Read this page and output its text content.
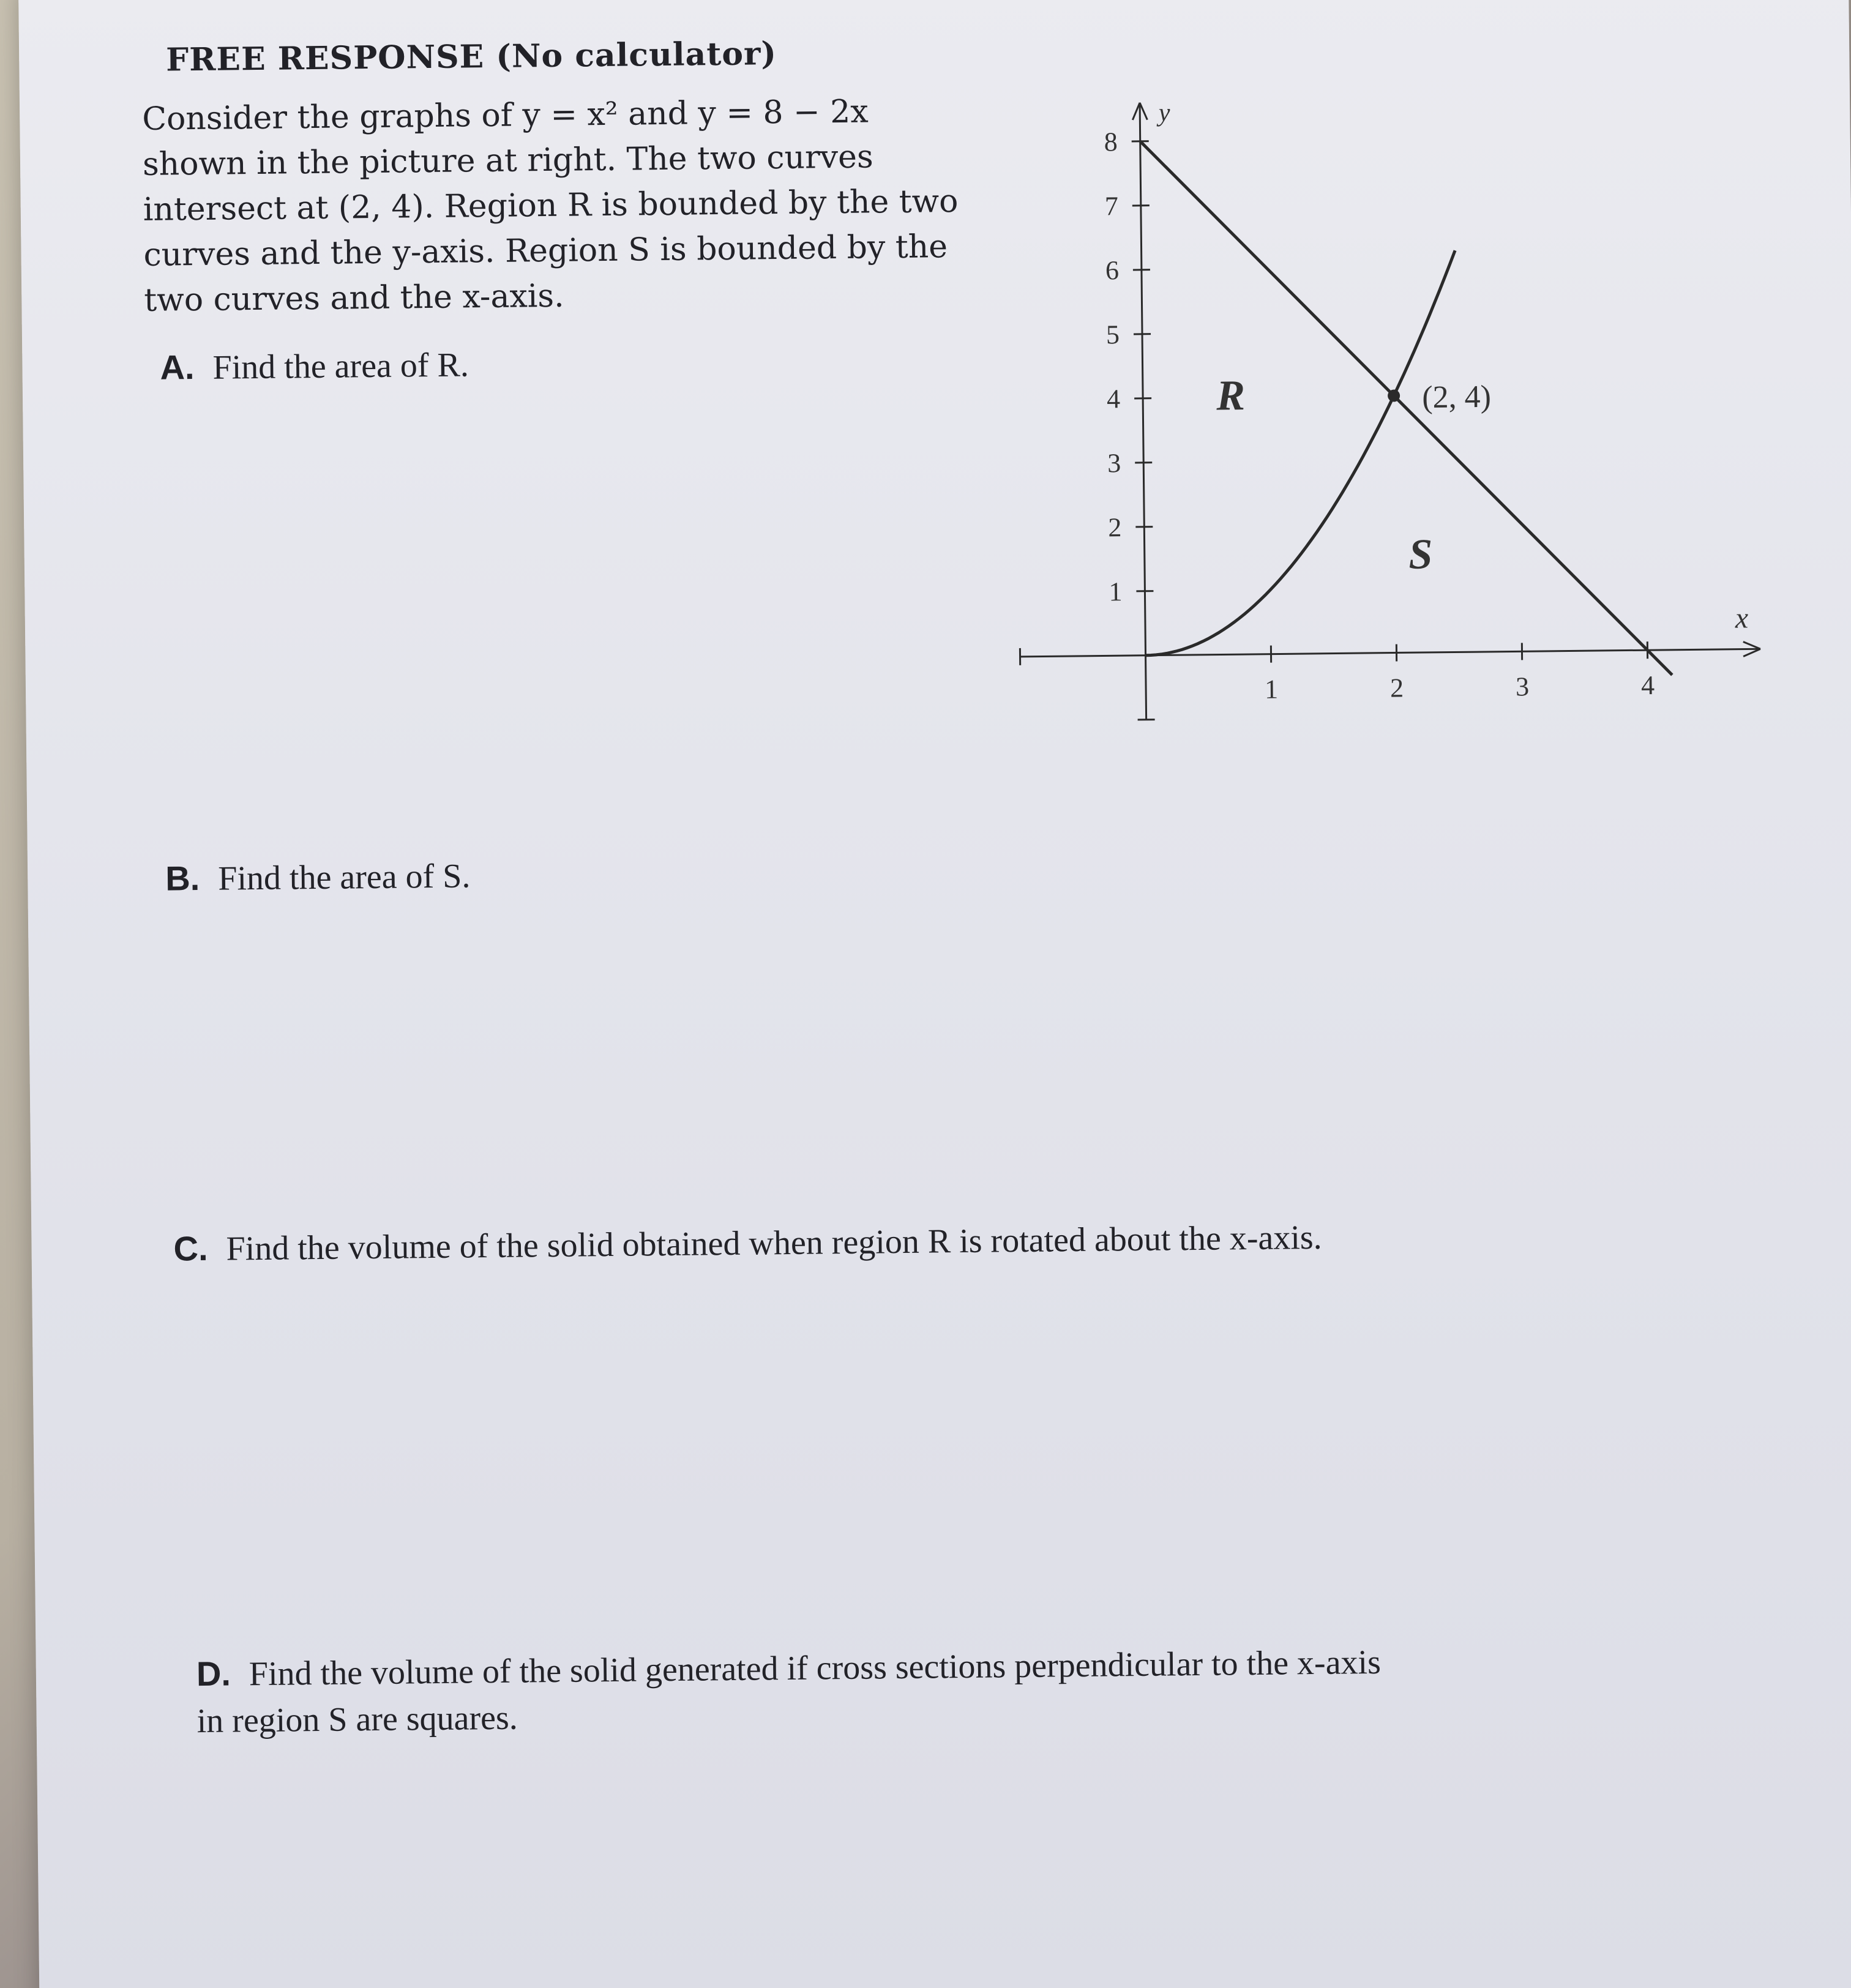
FREE RESPONSE (No calculator)
Consider the graphs of y = x² and y = 8 − 2x
shown in the picture at right. The two curves
intersect at (2, 4). Region R is bounded by the two
curves and the y-axis. Region S is bounded by the
two curves and the x-axis.
A. Find the area of R.
B. Find the area of S.
C. Find the volume of the solid obtained when region R is rotated about the x-axis.
D. Find the volume of the solid generated if cross sections perpendicular to the x-axis
in region S are squares.
1	2	3	4
1
2
3
4
5
6
7
8
x
y
R
S
(2, 4)
